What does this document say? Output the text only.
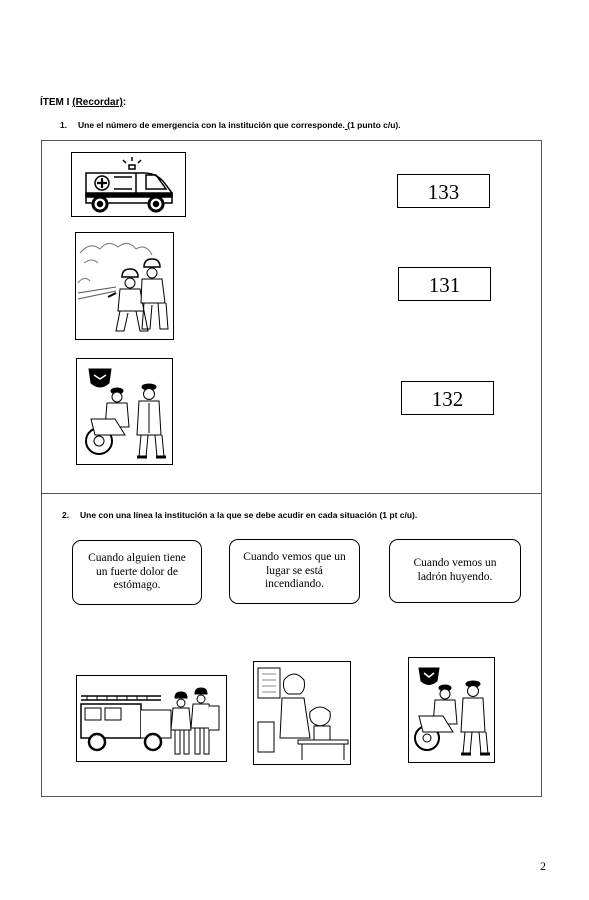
ÍTEM I (Recordar):
1. Une el número de emergencia con la institución que corresponde. (1 punto c/u).
133
131
132
2. Une con una línea la institución a la que se debe acudir en cada situación (1 pt c/u).
Cuando alguien tiene un fuerte dolor de estómago.
Cuando vemos que un lugar se está incendiando.
Cuando vemos un ladrón huyendo.
2
